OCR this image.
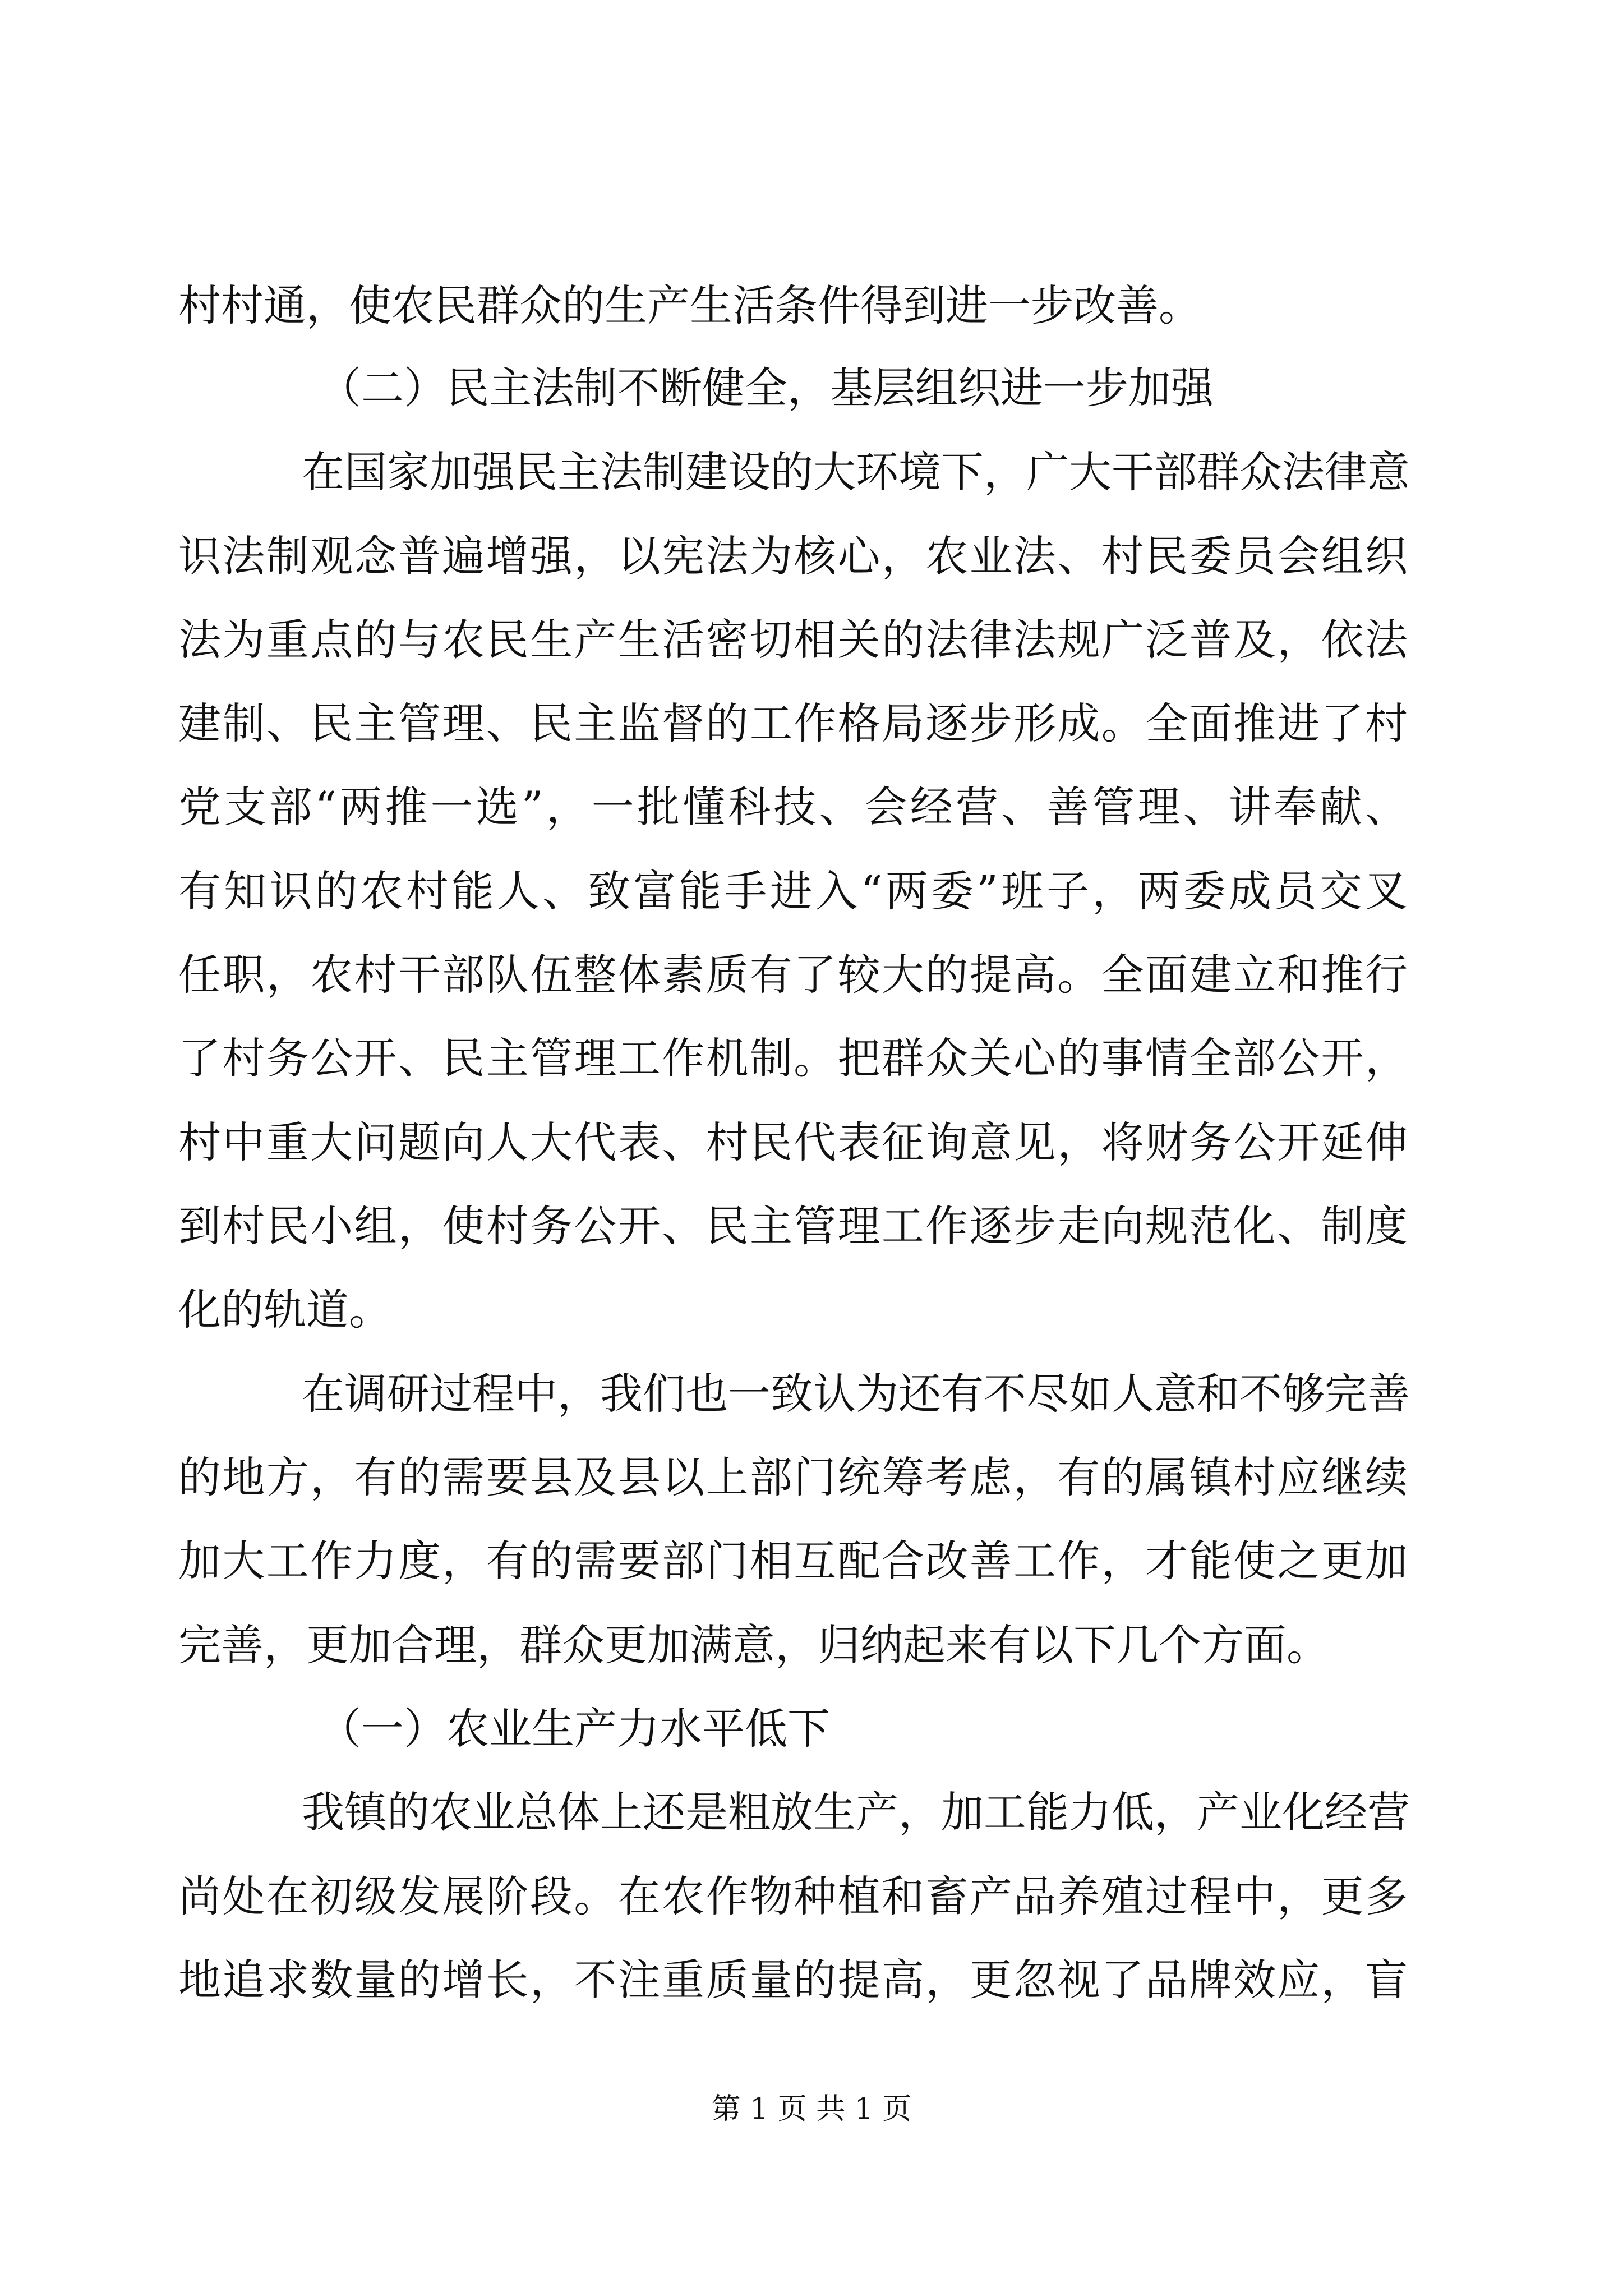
村村通，使农民群众的生产生活条件得到进一步改善。
（二）民主法制不断健全，基层组织进一步加强
在国家加强民主法制建设的大环境下，广大干部群众法律意
识法制观念普遍增强，以宪法为核心，农业法、村民委员会组织
法为重点的与农民生产生活密切相关的法律法规广泛普及，依法
建制、民主管理、民主监督的工作格局逐步形成。全面推进了村
党支部“两推一选”，一批懂科技、会经营、善管理、讲奉献、
有知识的农村能人、致富能手进入“两委”班子，两委成员交叉
任职，农村干部队伍整体素质有了较大的提高。全面建立和推行
了村务公开、民主管理工作机制。把群众关心的事情全部公开，
村中重大问题向人大代表、村民代表征询意见，将财务公开延伸
到村民小组，使村务公开、民主管理工作逐步走向规范化、制度
化的轨道。
在调研过程中，我们也一致认为还有不尽如人意和不够完善
的地方，有的需要县及县以上部门统筹考虑，有的属镇村应继续
加大工作力度，有的需要部门相互配合改善工作，才能使之更加
完善，更加合理，群众更加满意，归纳起来有以下几个方面。
（一）农业生产力水平低下
我镇的农业总体上还是粗放生产，加工能力低，产业化经营
尚处在初级发展阶段。在农作物种植和畜产品养殖过程中，更多
地追求数量的增长，不注重质量的提高，更忽视了品牌效应，盲
第 1 页 共 1 页
